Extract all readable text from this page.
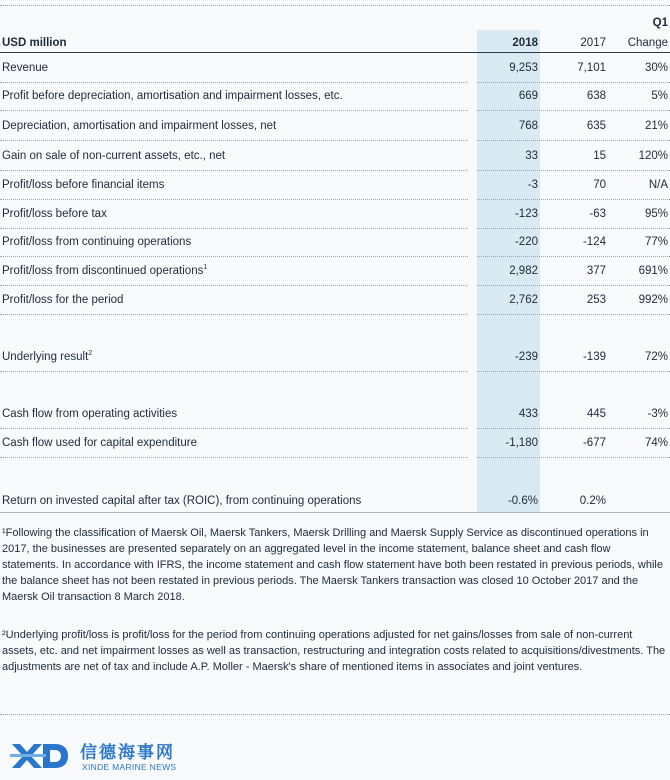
Q1
USD million	2018	2017	Change
Revenue	9,253	7,101	30%
Profit before depreciation, amortisation and impairment losses, etc.	669	638	5%
Depreciation, amortisation and impairment losses, net	768	635	21%
Gain on sale of non-current assets, etc., net	33	15	120%
Profit/loss before financial items	-3	70	N/A
Profit/loss before tax	-123	-63	95%
Profit/loss from continuing operations	-220	-124	77%
Profit/loss from discontinued operations$^1$	2,982	377	691%
Profit/loss for the period	2,762	253	992%
Underlying result$^2$	-239	-139	72%
Cash flow from operating activities	433	445	-3%
Cash flow used for capital expenditure	-1,180	-677	74%
Return on invested capital after tax (ROIC), from continuing operations	-0.6%	0.2%
¹Following the classification of Maersk Oil, Maersk Tankers, Maersk Drilling and Maersk Supply Service as discontinued operations in 2017, the businesses are presented separately on an aggregated level in the income statement, balance sheet and cash flow statements. In accordance with IFRS, the income statement and cash flow statement have both been restated in previous periods, while the balance sheet has not been restated in previous periods. The Maersk Tankers transaction was closed 10 October 2017 and the Maersk Oil transaction 8 March 2018.
²Underlying profit/loss is profit/loss for the period from continuing operations adjusted for net gains/losses from sale of non-current assets, etc. and net impairment losses as well as transaction, restructuring and integration costs related to acquisitions/divestments. The adjustments are net of tax and include A.P. Moller - Maersk's share of mentioned items in associates and joint ventures.
信德海事网
XINDE MARINE NEWS
